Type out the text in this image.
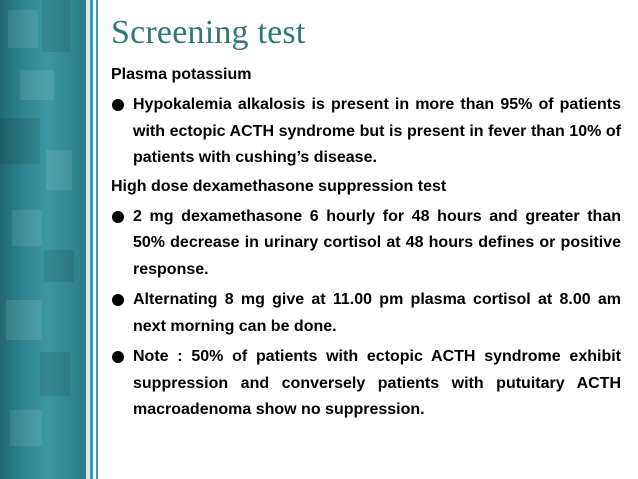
Screening test

Plasma potassium

Hypokalemia alkalosis is present in more than 95% of patients with ectopic ACTH syndrome but is present in fever than 10% of patients with cushing’s disease.

High dose dexamethasone suppression test

2 mg dexamethasone 6 hourly for 48 hours and greater than 50% decrease in urinary cortisol at 48 hours defines or positive response.
Alternating 8 mg give at 11.00 pm plasma cortisol at 8.00 am next morning can be done.
Note : 50% of patients with ectopic ACTH syndrome exhibit suppression and conversely patients with putuitary ACTH macroadenoma show no suppression.
